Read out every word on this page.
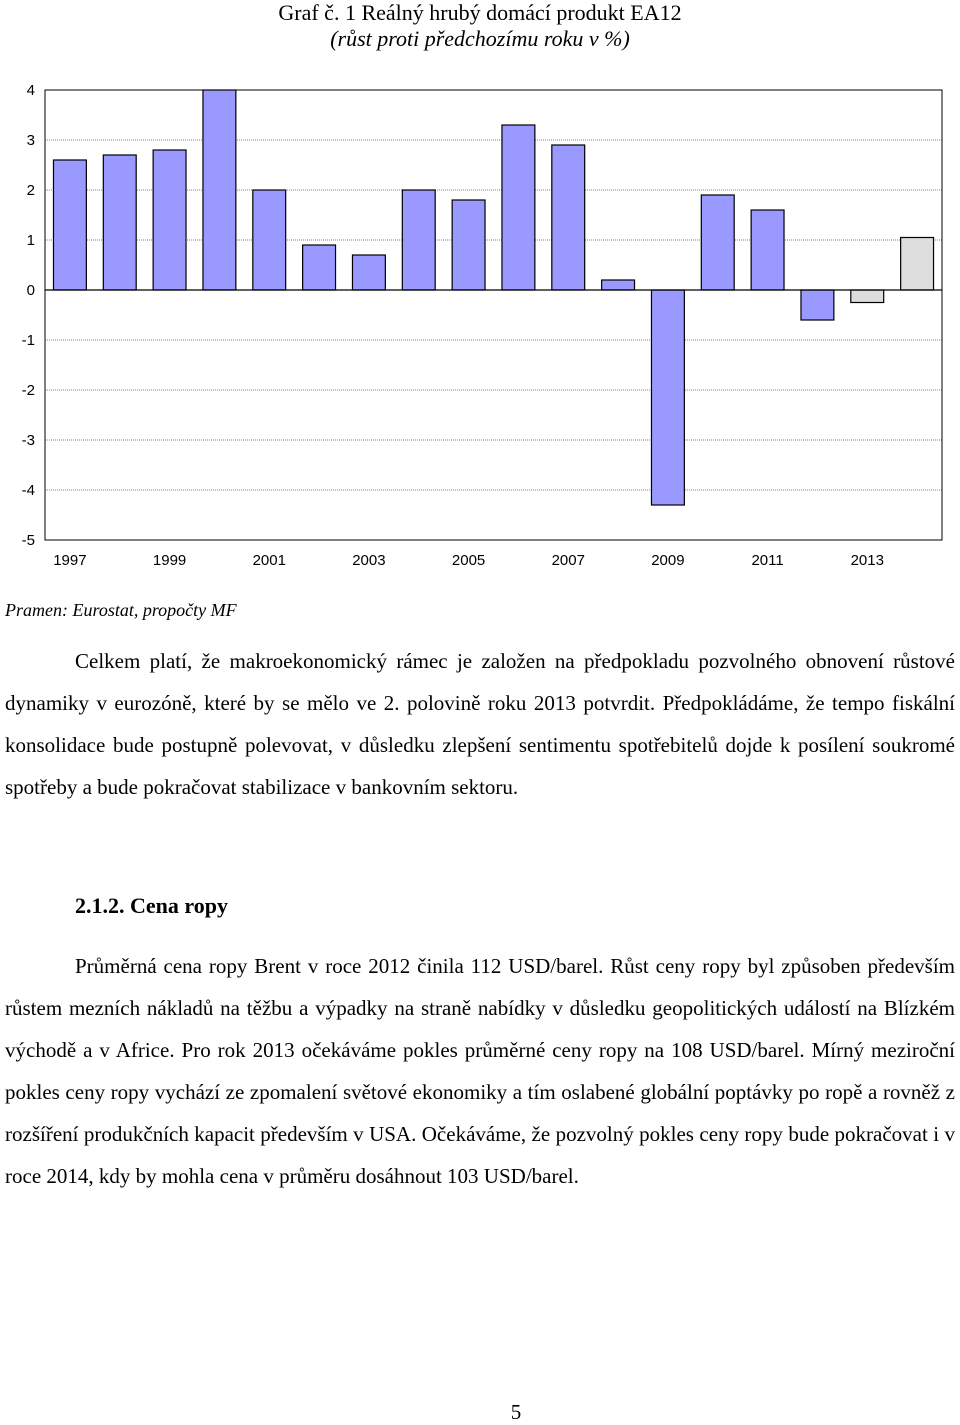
Graf č. 1 Reálný hrubý domácí produkt EA12
(růst proti předchozímu roku v %)
4
3
2
1
0
-1
-2
-3
-4
-5
1997	1999	2001	2003	2005	2007	2009	2011	2013
Pramen: Eurostat, propočty MF

Celkem platí, že makroekonomický rámec je založen na předpokladu pozvolného obnovení růstové dynamiky v eurozóně, které by se mělo ve 2. polovině roku 2013 potvrdit. Předpokládáme, že tempo fiskální konsolidace bude postupně polevovat, v důsledku zlepšení sentimentu spotřebitelů dojde k posílení soukromé spotřeby a bude pokračovat stabilizace v bankovním sektoru.

2.1.2. Cena ropy

Průměrná cena ropy Brent v roce 2012 činila 112 USD/barel. Růst ceny ropy byl způsoben především růstem mezních nákladů na těžbu a výpadky na straně nabídky v důsledku geopolitických událostí na Blízkém východě a v Africe. Pro rok 2013 očekáváme pokles průměrné ceny ropy na 108 USD/barel. Mírný meziroční pokles ceny ropy vychází ze zpomalení světové ekonomiky a tím oslabené globální poptávky po ropě a rovněž z rozšíření produkčních kapacit především v USA. Očekáváme, že pozvolný pokles ceny ropy bude pokračovat i v roce 2014, kdy by mohla cena v průměru dosáhnout 103 USD/barel.

5
